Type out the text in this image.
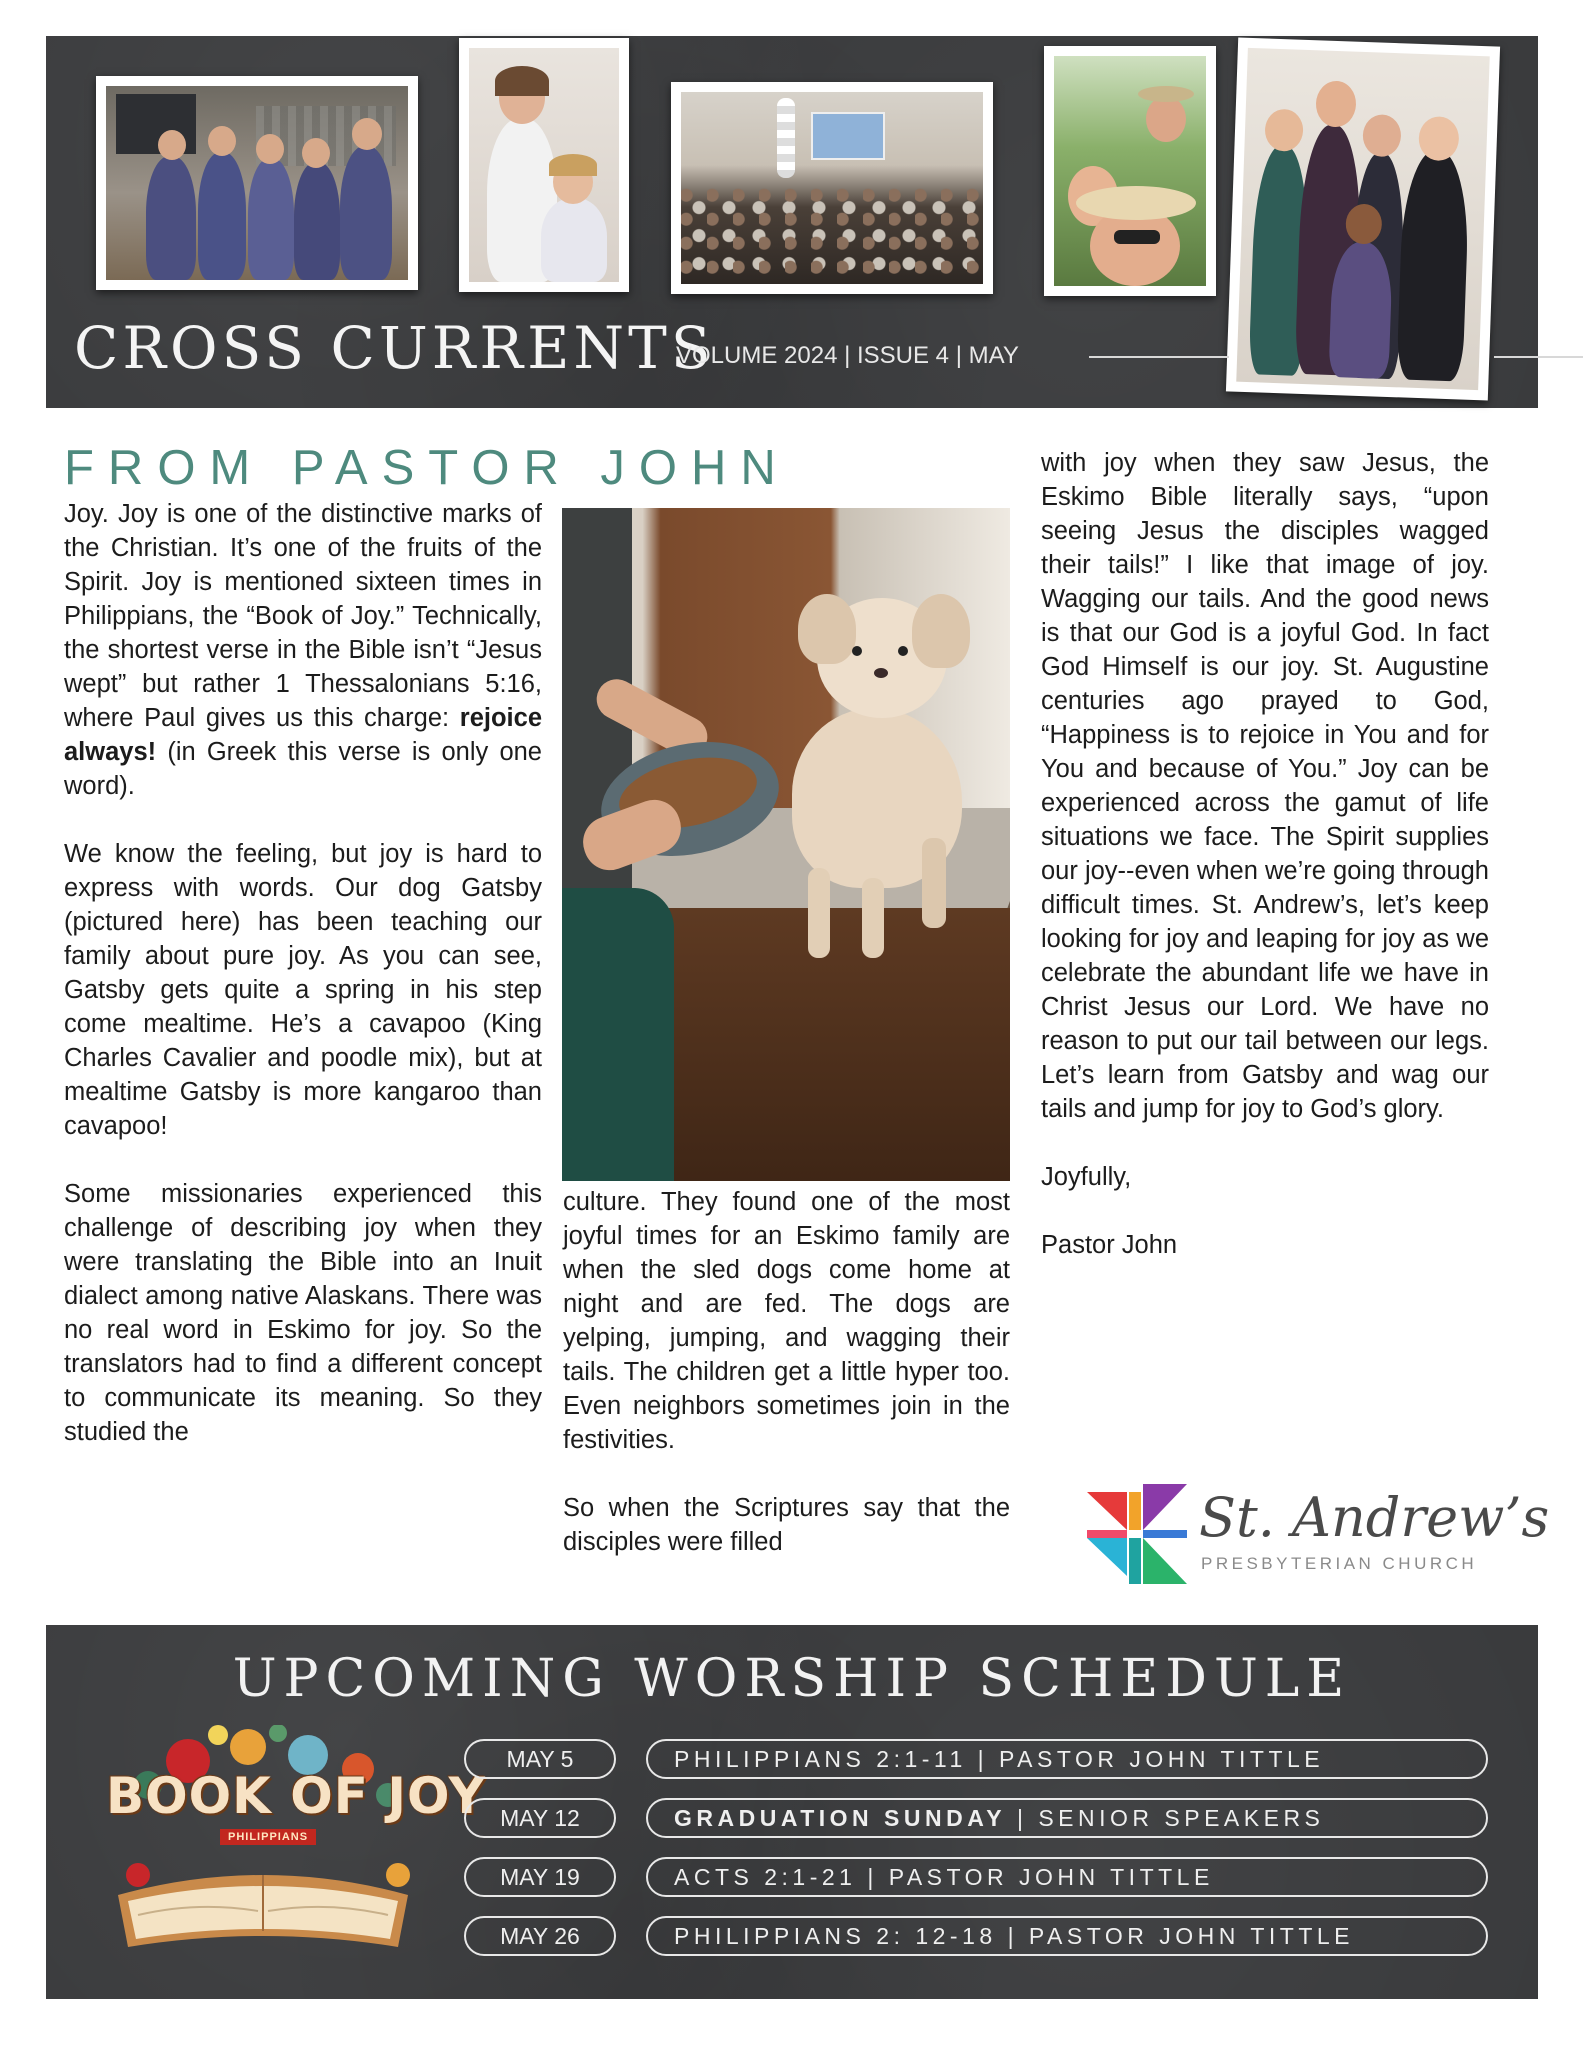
CROSS CURRENTS
VOLUME 2024 | ISSUE 4 | MAY
FROM PASTOR JOHN

Joy. Joy is one of the distinctive marks of the Christian. It’s one of the fruits of the Spirit. Joy is mentioned sixteen times in Philippians, the “Book of Joy.” Technically, the shortest verse in the Bible isn’t “Jesus wept” but rather 1 Thessalonians 5:16, where Paul gives us this charge: rejoice always! (in Greek this verse is only one word).

We know the feeling, but joy is hard to express with words. Our dog Gatsby (pictured here) has been teaching our family about pure joy. As you can see, Gatsby gets quite a spring in his step come mealtime. He’s a cavapoo (King Charles Cavalier and poodle mix), but at mealtime Gatsby is more kangaroo than cavapoo!

Some missionaries experienced this challenge of describing joy when they were translating the Bible into an Inuit dialect among native Alaskans. There was no real word in Eskimo for joy. So the translators had to find a different concept to communicate its meaning. So they studied the

culture. They found one of the most joyful times for an Eskimo family are when the sled dogs come home at night and are fed. The dogs are yelping, jumping, and wagging their tails. The children get a little hyper too. Even neighbors sometimes join in the festivities.

So when the Scriptures say that the disciples were filled

with joy when they saw Jesus, the Eskimo Bible literally says, “upon seeing Jesus the disciples wagged their tails!” I like that image of joy. Wagging our tails. And the good news is that our God is a joyful God. In fact God Himself is our joy. St. Augustine centuries ago prayed to God, “Happiness is to rejoice in You and for You and because of You.” Joy can be experienced across the gamut of life situations we face. The Spirit supplies our joy--even when we’re going through difficult times. St. Andrew’s, let’s keep looking for joy and leaping for joy as we celebrate the abundant life we have in Christ Jesus our Lord. We have no reason to put our tail between our legs. Let’s learn from Gatsby and wag our tails and jump for joy to God’s glory.

Joyfully,

Pastor John

St. Andrew’s
PRESBYTERIAN CHURCH
UPCOMING WORSHIP SCHEDULE
BOOK OF JOY
PHILIPPIANS
MAY 5	PHILIPPIANS 2:1-11 | PASTOR JOHN TITTLE
MAY 12	GRADUATION SUNDAY | SENIOR SPEAKERS
MAY 19	ACTS 2:1-21 | PASTOR JOHN TITTLE
MAY 26	PHILIPPIANS 2: 12-18 | PASTOR JOHN TITTLE
